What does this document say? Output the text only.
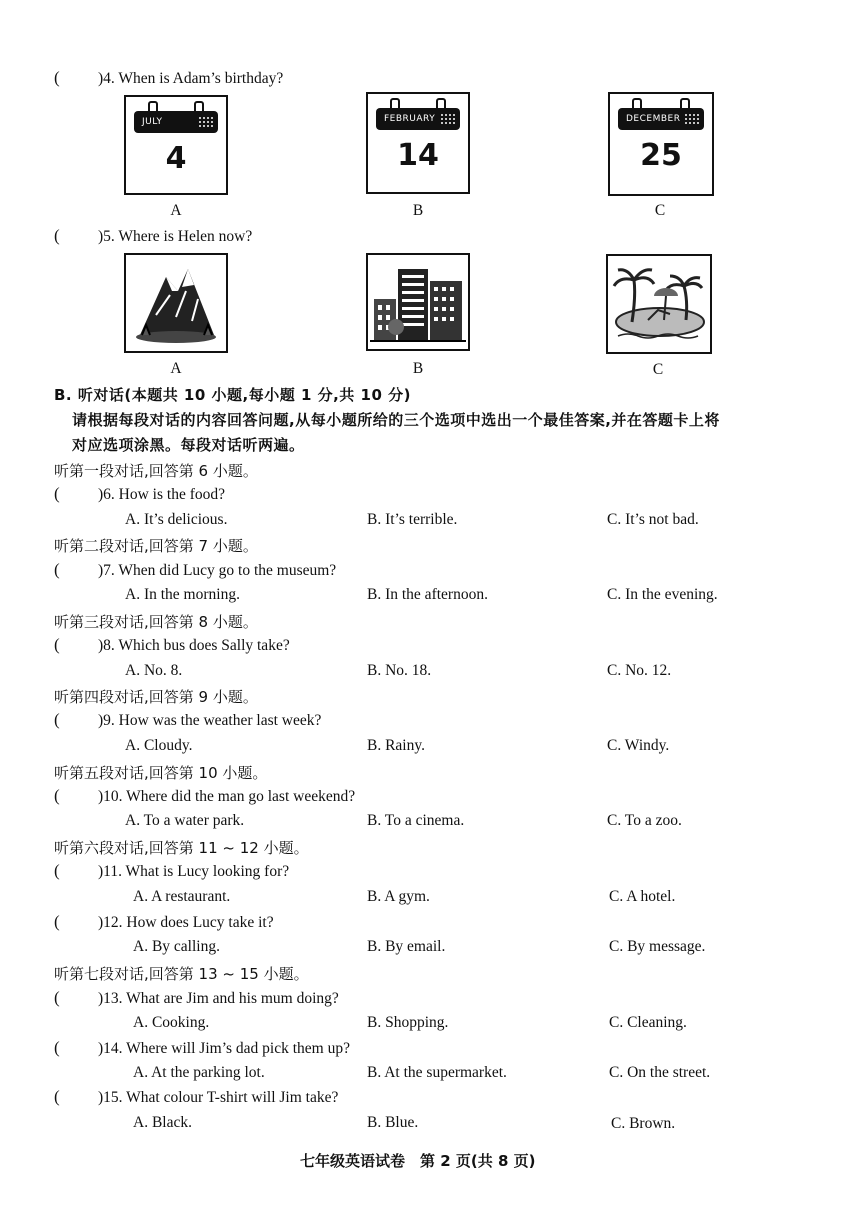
( )4. When is Adam’s birthday?
JULY
4
A
FEBRUARY
14
B
DECEMBER
25
C
( )5. Where is Helen now?
A	B	C
B. 听对话(本题共 10 小题,每小题 1 分,共 10 分)
请根据每段对话的内容回答问题,从每小题所给的三个选项中选出一个最佳答案,并在答题卡上将
对应选项涂黑。每段对话听两遍。
听第一段对话,回答第 6 小题。
( )6. How is the food?
A. It’s delicious.	B. It’s terrible.	C. It’s not bad.
听第二段对话,回答第 7 小题。
( )7. When did Lucy go to the museum?
A. In the morning.	B. In the afternoon.	C. In the evening.
听第三段对话,回答第 8 小题。
( )8. Which bus does Sally take?
A. No. 8.	B. No. 18.	C. No. 12.
听第四段对话,回答第 9 小题。
( )9. How was the weather last week?
A. Cloudy.	B. Rainy.	C. Windy.
听第五段对话,回答第 10 小题。
( )10. Where did the man go last weekend?
A. To a water park.	B. To a cinema.	C. To a zoo.
听第六段对话,回答第 11 ~ 12 小题。
( )11. What is Lucy looking for?
A. A restaurant.	B. A gym.	C. A hotel.
( )12. How does Lucy take it?
A. By calling.	B. By email.	C. By message.
听第七段对话,回答第 13 ~ 15 小题。
( )13. What are Jim and his mum doing?
A. Cooking.	B. Shopping.	C. Cleaning.
( )14. Where will Jim’s dad pick them up?
A. At the parking lot.	B. At the supermarket.	C. On the street.
( )15. What colour T-shirt will Jim take?
A. Black.	B. Blue.	C. Brown.
七年级英语试卷　第 2 页(共 8 页)
